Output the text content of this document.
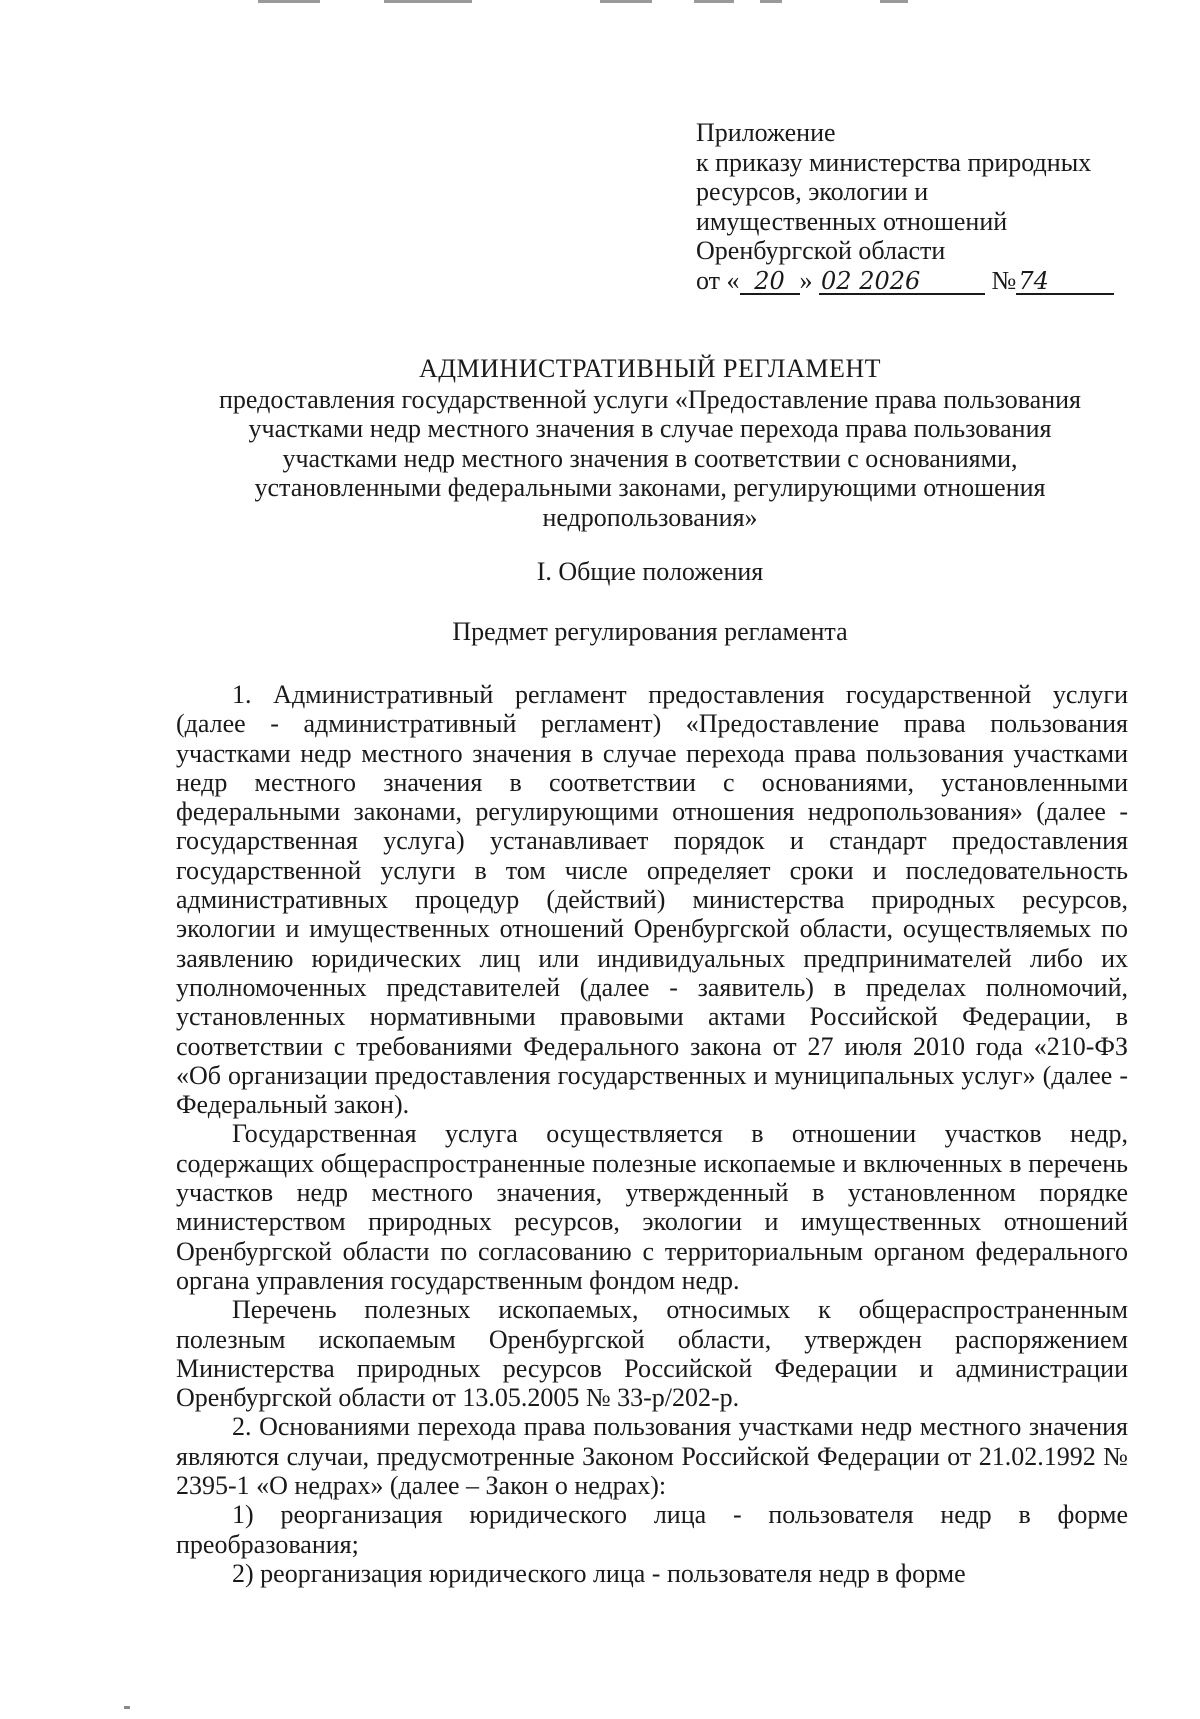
Приложение
к приказу министерства природных
ресурсов, экологии и
имущественных отношений
Оренбургской области
от « 20 » 02 2026	№74
АДМИНИСТРАТИВНЫЙ РЕГЛАМЕНТ
предоставления государственной услуги «Предоставление права пользования
участками недр местного значения в случае перехода права пользования
участками недр местного значения в соответствии с основаниями,
установленными федеральными законами, регулирующими отношения
недропользования»
I. Общие положения
Предмет регулирования регламента

1. Административный регламент предоставления государственной услуги (далее - административный регламент) «Предоставление права пользования участками недр местного значения в случае перехода права пользования участками недр местного значения в соответствии с основаниями, установленными федеральными законами, регулирующими отношения недропользования» (далее - государственная услуга) устанавливает порядок и стандарт предоставления государственной услуги в том числе определяет сроки и последовательность административных процедур (действий) министерства природных ресурсов, экологии и имущественных отношений Оренбургской области, осуществляемых по заявлению юридических лиц или индивидуальных предпринимателей либо их уполномоченных представителей (далее - заявитель) в пределах полномочий, установленных нормативными правовыми актами Российской Федерации, в соответствии с требованиями Федерального закона от 27 июля 2010 года «210-ФЗ «Об организации предоставления государственных и муниципальных услуг» (далее - Федеральный закон).

Государственная услуга осуществляется в отношении участков недр, содержащих общераспространенные полезные ископаемые и включенных в перечень участков недр местного значения, утвержденный в установленном порядке министерством природных ресурсов, экологии и имущественных отношений Оренбургской области по согласованию с территориальным органом федерального органа управления государственным фондом недр.

Перечень полезных ископаемых, относимых к общераспространенным полезным ископаемым Оренбургской области, утвержден распоряжением Министерства природных ресурсов Российской Федерации и администрации Оренбургской области от 13.05.2005 № 33-р/202-р.

2. Основаниями перехода права пользования участками недр местного значения являются случаи, предусмотренные Законом Российской Федерации от 21.02.1992 № 2395-1 «О недрах» (далее – Закон о недрах):

1) реорганизация юридического лица - пользователя недр в форме преобразования;

2) реорганизация юридического лица - пользователя недр в форме
